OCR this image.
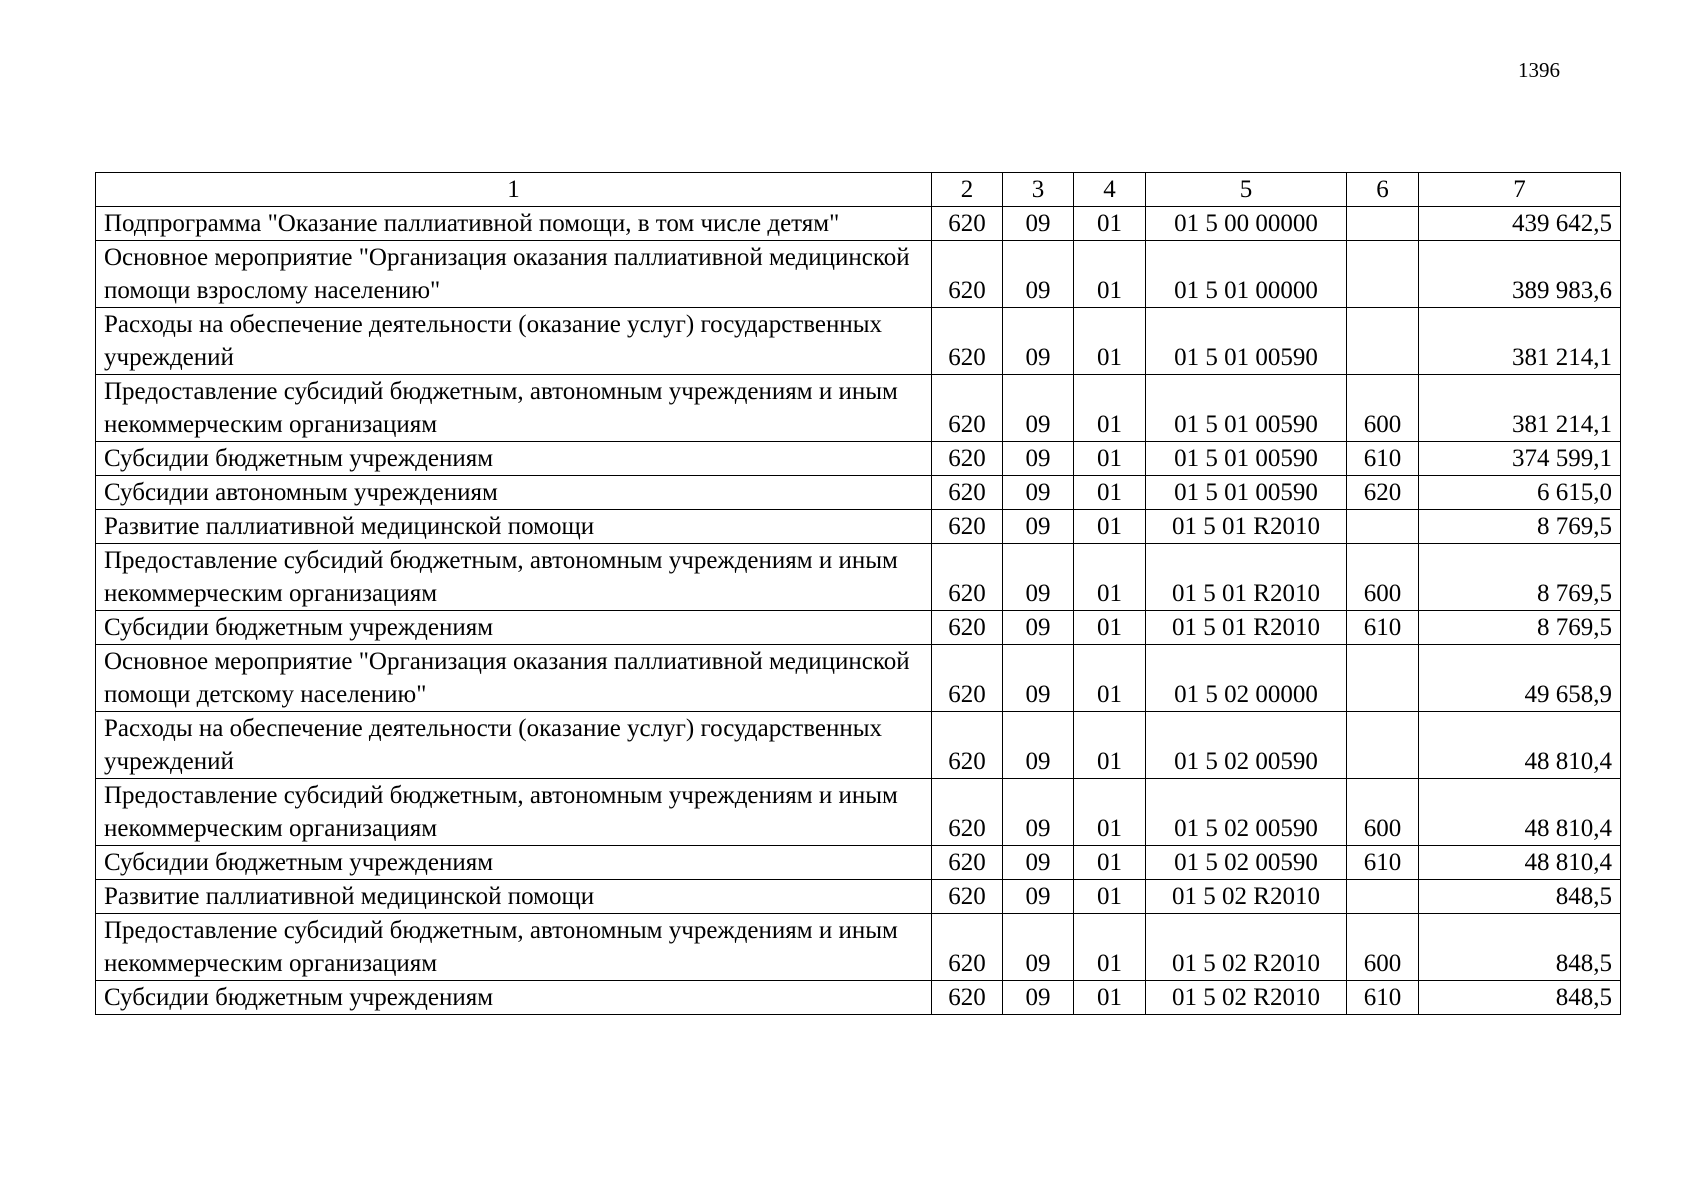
1396
1	2	3	4	5	6	7
Подпрограмма "Оказание паллиативной помощи, в том числе детям"	620	09	01	01 5 00 00000		439 642,5
Основное мероприятие "Организация оказания паллиативной медицинской помощи взрослому населению"	620	09	01	01 5 01 00000		389 983,6
Расходы на обеспечение деятельности (оказание услуг) государственных учреждений	620	09	01	01 5 01 00590		381 214,1
Предоставление субсидий бюджетным, автономным учреждениям и иным некоммерческим организациям	620	09	01	01 5 01 00590	600	381 214,1
Субсидии бюджетным учреждениям	620	09	01	01 5 01 00590	610	374 599,1
Субсидии автономным учреждениям	620	09	01	01 5 01 00590	620	6 615,0
Развитие паллиативной медицинской помощи	620	09	01	01 5 01 R2010		8 769,5
Предоставление субсидий бюджетным, автономным учреждениям и иным некоммерческим организациям	620	09	01	01 5 01 R2010	600	8 769,5
Субсидии бюджетным учреждениям	620	09	01	01 5 01 R2010	610	8 769,5
Основное мероприятие "Организация оказания паллиативной медицинской помощи детскому населению"	620	09	01	01 5 02 00000		49 658,9
Расходы на обеспечение деятельности (оказание услуг) государственных учреждений	620	09	01	01 5 02 00590		48 810,4
Предоставление субсидий бюджетным, автономным учреждениям и иным некоммерческим организациям	620	09	01	01 5 02 00590	600	48 810,4
Субсидии бюджетным учреждениям	620	09	01	01 5 02 00590	610	48 810,4
Развитие паллиативной медицинской помощи	620	09	01	01 5 02 R2010		848,5
Предоставление субсидий бюджетным, автономным учреждениям и иным некоммерческим организациям	620	09	01	01 5 02 R2010	600	848,5
Субсидии бюджетным учреждениям	620	09	01	01 5 02 R2010	610	848,5
